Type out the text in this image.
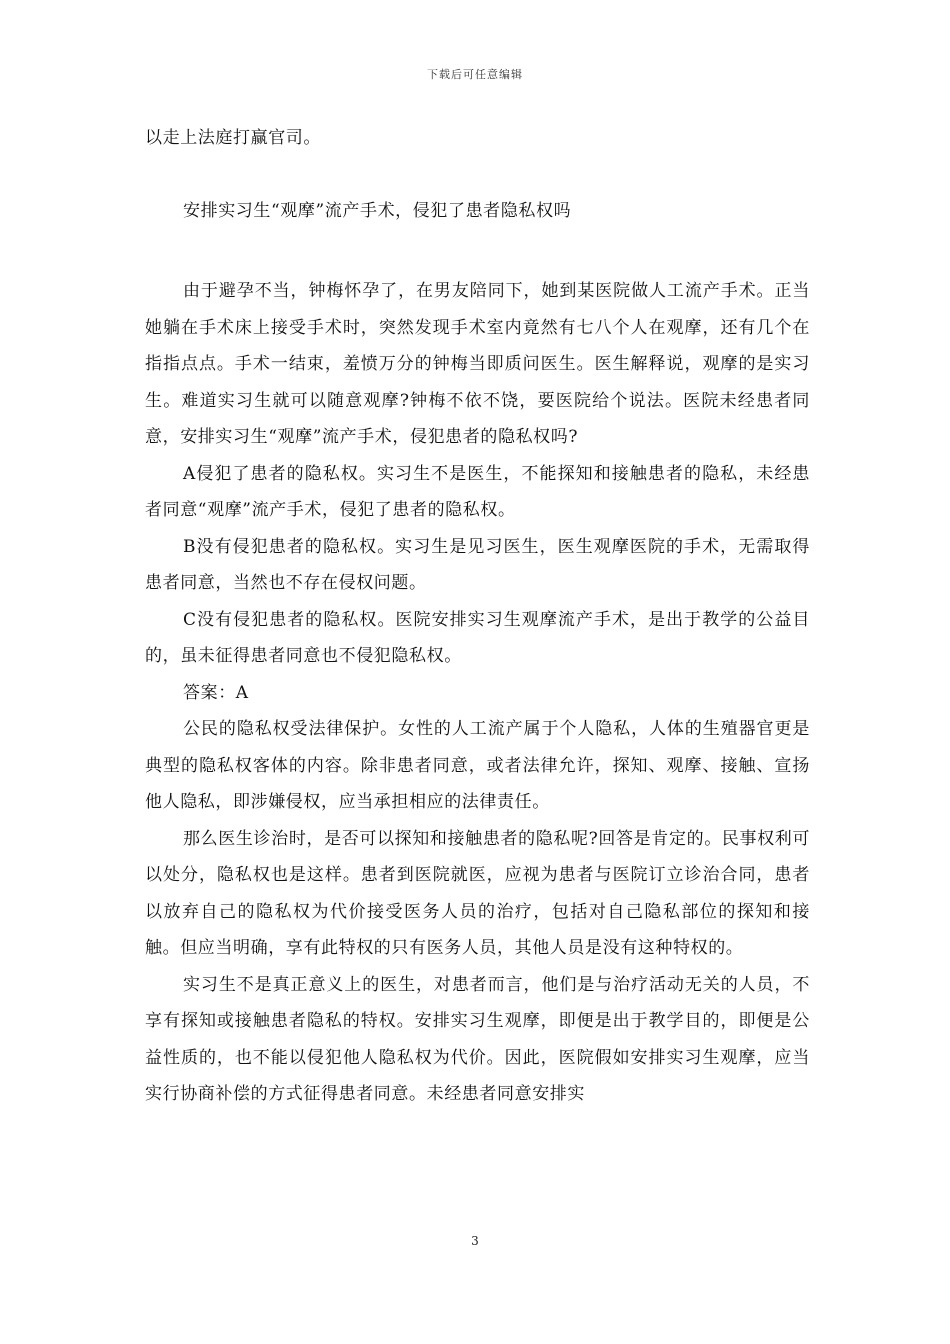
下载后可任意编辑

以走上法庭打赢官司。

安排实习生“观摩”流产手术，侵犯了患者隐私权吗

由于避孕不当，钟梅怀孕了，在男友陪同下，她到某医院做人工流产手术。正当她躺在手术床上接受手术时，突然发现手术室内竟然有七八个人在观摩，还有几个在指指点点。手术一结束，羞愤万分的钟梅当即质问医生。医生解释说，观摩的是实习生。难道实习生就可以随意观摩?钟梅不依不饶，要医院给个说法。医院未经患者同意，安排实习生“观摩”流产手术，侵犯患者的隐私权吗?

A侵犯了患者的隐私权。实习生不是医生，不能探知和接触患者的隐私，未经患者同意“观摩”流产手术，侵犯了患者的隐私权。

B没有侵犯患者的隐私权。实习生是见习医生，医生观摩医院的手术，无需取得患者同意，当然也不存在侵权问题。

C没有侵犯患者的隐私权。医院安排实习生观摩流产手术，是出于教学的公益目的，虽未征得患者同意也不侵犯隐私权。

答案：A

公民的隐私权受法律保护。女性的人工流产属于个人隐私，人体的生殖器官更是典型的隐私权客体的内容。除非患者同意，或者法律允许，探知、观摩、接触、宣扬他人隐私，即涉嫌侵权，应当承担相应的法律责任。

那么医生诊治时，是否可以探知和接触患者的隐私呢?回答是肯定的。民事权利可以处分，隐私权也是这样。患者到医院就医，应视为患者与医院订立诊治合同，患者以放弃自己的隐私权为代价接受医务人员的治疗，包括对自己隐私部位的探知和接触。但应当明确，享有此特权的只有医务人员，其他人员是没有这种特权的。

实习生不是真正意义上的医生，对患者而言，他们是与治疗活动无关的人员，不享有探知或接触患者隐私的特权。安排实习生观摩，即便是出于教学目的，即便是公益性质的，也不能以侵犯他人隐私权为代价。因此，医院假如安排实习生观摩，应当实行协商补偿的方式征得患者同意。未经患者同意安排实

3
